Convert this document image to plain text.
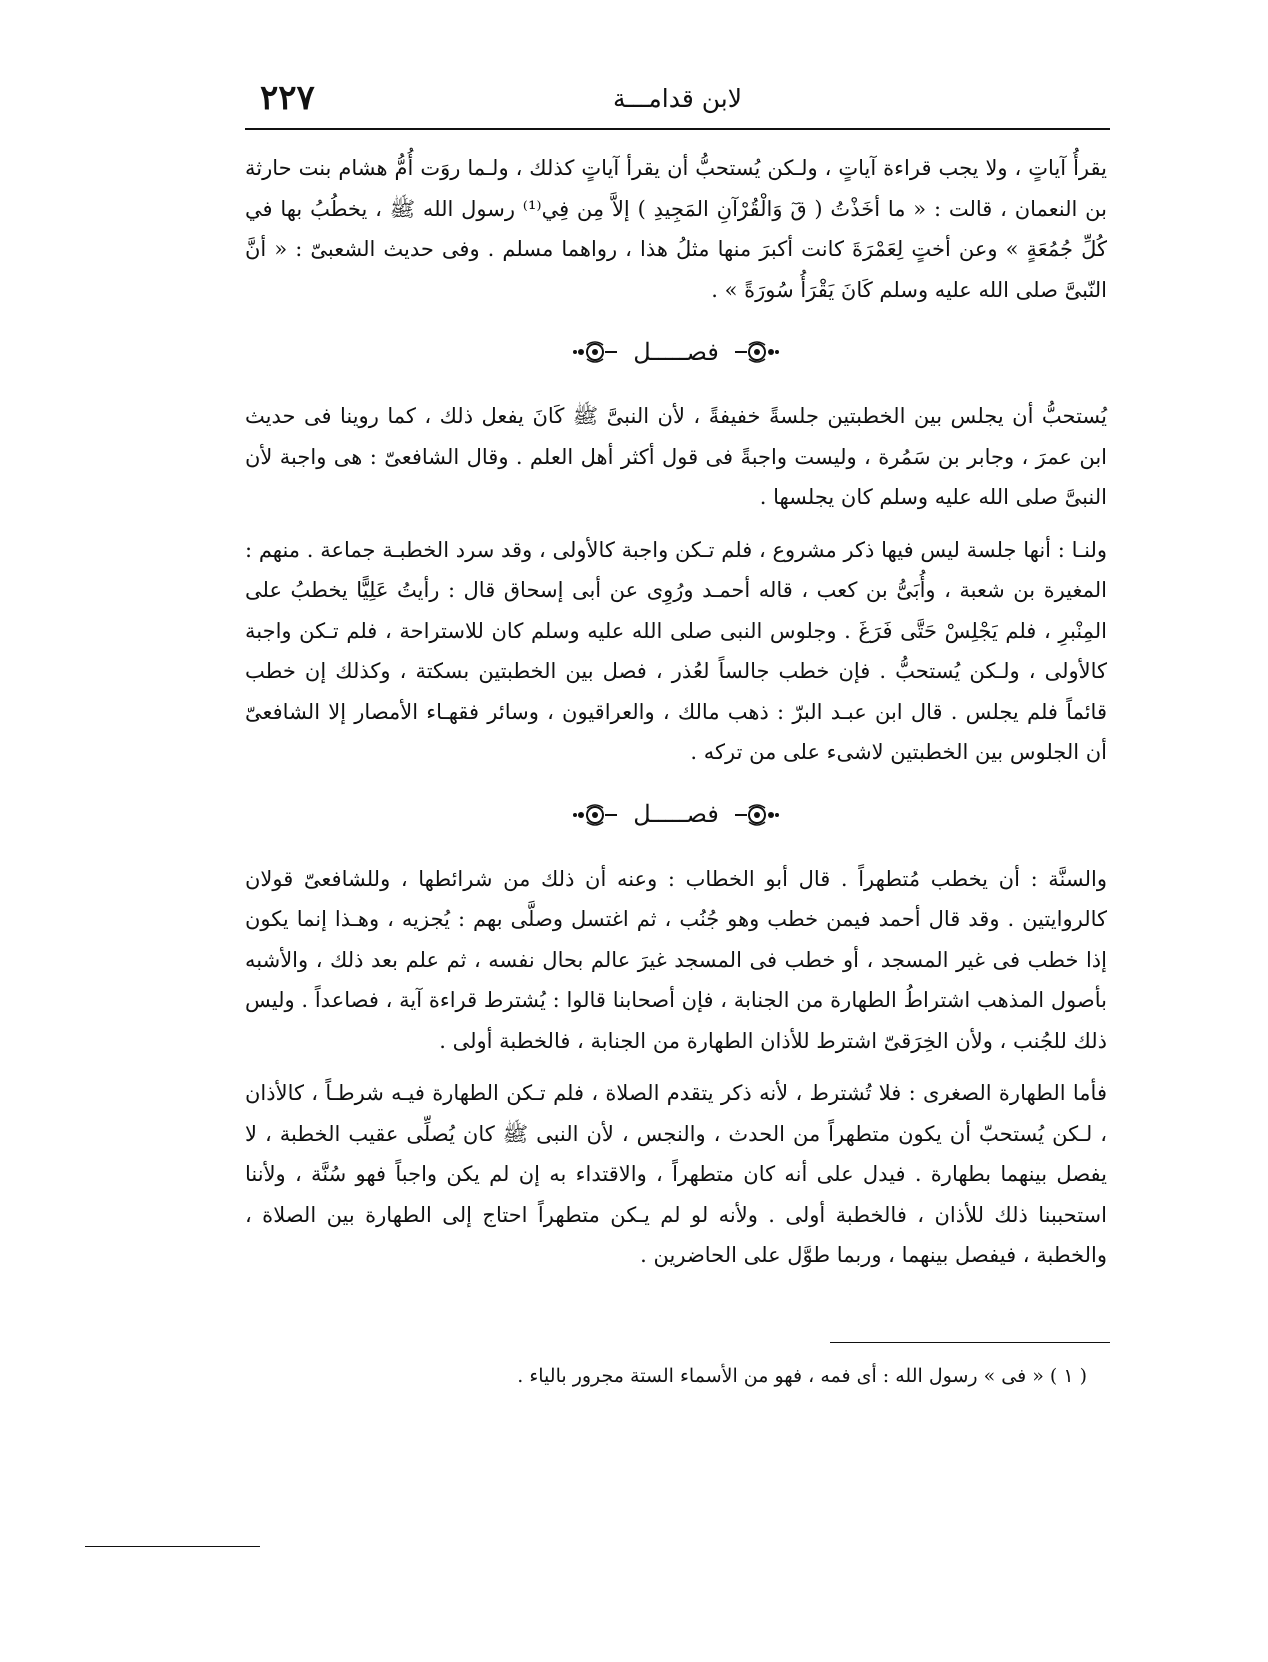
لابن قدامـــة
٢٢٧

يقرأُ آياتٍ ، ولا يجب قراءة آياتٍ ، ولـكن يُستحبُّ أن يقرأ آياتٍ كذلك ، ولـما روَت أُمُّ هشام بنت حارثة بن النعمان ، قالت : « ما أخَذْتُ ( قٓ وَالْقُرْآنِ المَجِيدِ ) إلاَّ مِن فِي⁽¹⁾ رسول الله ﷺ ، يخطُبُ بها في كُلِّ جُمُعَةٍ » وعن أختٍ لِعَمْرَةَ كانت أكبرَ منها مثلُ هذا ، رواهما مسلم . وفى حديث الشعبىّ : « أنَّ النّبىَّ صلى الله عليه وسلم كَانَ يَقْرَأُ سُورَةً » .

فصـــــل

يُستحبُّ أن يجلس بين الخطبتين جلسةً خفيفةً ، لأن النبىَّ ﷺ كَانَ يفعل ذلك ، كما روينا فى حديث ابن عمرَ ، وجابر بن سَمُرة ، وليست واجبةً فى قول أكثر أهل العلم . وقال الشافعىّ : هى واجبة لأن النبىَّ صلى الله عليه وسلم كان يجلسها .

ولنـا : أنها جلسة ليس فيها ذكر مشروع ، فلم تـكن واجبة كالأولى ، وقد سرد الخطبـة جماعة . منهم : المغيرة بن شعبة ، وأُبَىُّ بن كعب ، قاله أحمـد ورُوِى عن أبى إسحاق قال : رأيتُ عَلِيًّا يخطبُ على المِنْبرِ ، فلم يَجْلِسْ حَتَّى فَرَغَ . وجلوس النبى صلى الله عليه وسلم كان للاستراحة ، فلم تـكن واجبة كالأولى ، ولـكن يُستحبُّ . فإن خطب جالساً لعُذر ، فصل بين الخطبتين بسكتة ، وكذلك إن خطب قائماً فلم يجلس . قال ابن عبـد البرّ : ذهب مالك ، والعراقيون ، وسائر فقهـاء الأمصار إلا الشافعىّ أن الجلوس بين الخطبتين لاشىء على من تركه .

فصـــــل

والسنَّة : أن يخطب مُتطهراً . قال أبو الخطاب : وعنه أن ذلك من شرائطها ، وللشافعىّ قولان كالروايتين . وقد قال أحمد فيمن خطب وهو جُنُب ، ثم اغتسل وصلَّى بهم : يُجزيه ، وهـذا إنما يكون إذا خطب فى غير المسجد ، أو خطب فى المسجد غيرَ عالم بحال نفسه ، ثم علم بعد ذلك ، والأشبه بأصول المذهب اشتراطُ الطهارة من الجنابة ، فإن أصحابنا قالوا : يُشترط قراءة آية ، فصاعداً . وليس ذلك للجُنب ، ولأن الخِرَقىّ اشترط للأذان الطهارة من الجنابة ، فالخطبة أولى .

فأما الطهارة الصغرى : فلا تُشترط ، لأنه ذكر يتقدم الصلاة ، فلم تـكن الطهارة فيـه شرطـاً ، كالأذان ، لـكن يُستحبّ أن يكون متطهراً من الحدث ، والنجس ، لأن النبى ﷺ كان يُصلِّى عقيب الخطبة ، لا يفصل بينهما بطهارة . فيدل على أنه كان متطهراً ، والاقتداء به إن لم يكن واجباً فهو سُنَّة ، ولأننا استحببنا ذلك للأذان ، فالخطبة أولى . ولأنه لو لم يـكن متطهراً احتاج إلى الطهارة بين الصلاة ، والخطبة ، فيفصل بينهما ، وربما طوَّل على الحاضرين .

( ١ ) « فى » رسول الله : أى فمه ، فهو من الأسماء الستة مجرور بالياء .
